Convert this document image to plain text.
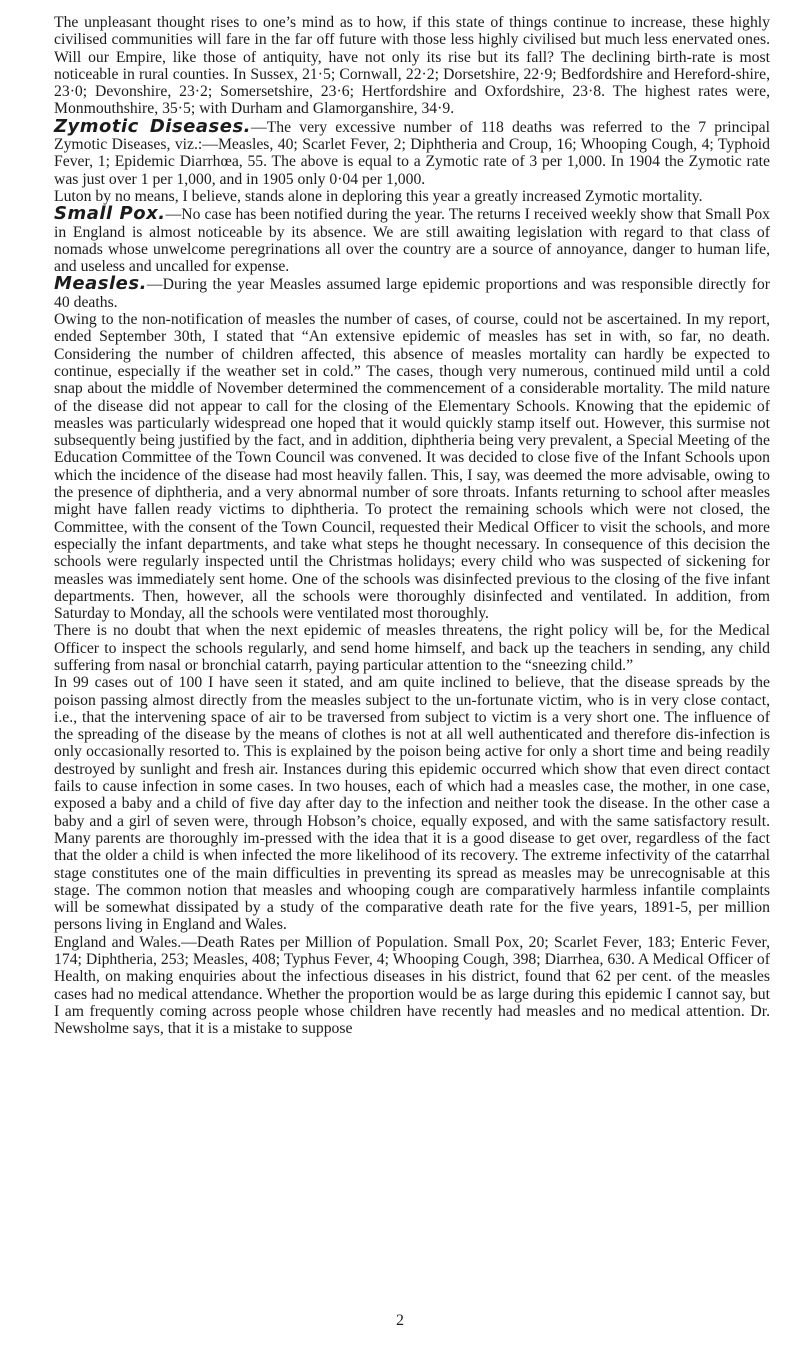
The unpleasant thought rises to one’s mind as to how, if this state of things continue to increase, these highly civilised communities will fare in the far off future with those less highly civilised but much less enervated ones. Will our Empire, like those of antiquity, have not only its rise but its fall? The declining birth-rate is most noticeable in rural counties. In Sussex, 21·5; Cornwall, 22·2; Dorsetshire, 22·9; Bedfordshire and Hereford-shire, 23·0; Devonshire, 23·2; Somersetshire, 23·6; Hertfordshire and Oxfordshire, 23·8. The highest rates were, Monmouthshire, 35·5; with Durham and Glamorganshire, 34·9.

Zymotic Diseases.—The very excessive number of 118 deaths was referred to the 7 principal Zymotic Diseases, viz.:—Measles, 40; Scarlet Fever, 2; Diphtheria and Croup, 16; Whooping Cough, 4; Typhoid Fever, 1; Epidemic Diarrhœa, 55. The above is equal to a Zymotic rate of 3 per 1,000. In 1904 the Zymotic rate was just over 1 per 1,000, and in 1905 only 0·04 per 1,000.

Luton by no means, I believe, stands alone in deploring this year a greatly increased Zymotic mortality.

Small Pox.—No case has been notified during the year. The returns I received weekly show that Small Pox in England is almost noticeable by its absence. We are still awaiting legislation with regard to that class of nomads whose unwelcome peregrinations all over the country are a source of annoyance, danger to human life, and useless and uncalled for expense.

Measles.—During the year Measles assumed large epidemic proportions and was responsible directly for 40 deaths.

Owing to the non-notification of measles the number of cases, of course, could not be ascertained. In my report, ended September 30th, I stated that “An extensive epidemic of measles has set in with, so far, no death. Considering the number of children affected, this absence of measles mortality can hardly be expected to continue, especially if the weather set in cold.” The cases, though very numerous, continued mild until a cold snap about the middle of November determined the commencement of a considerable mortality. The mild nature of the disease did not appear to call for the closing of the Elementary Schools. Knowing that the epidemic of measles was particularly widespread one hoped that it would quickly stamp itself out. However, this surmise not subsequently being justified by the fact, and in addition, diphtheria being very prevalent, a Special Meeting of the Education Committee of the Town Council was convened. It was decided to close five of the Infant Schools upon which the incidence of the disease had most heavily fallen. This, I say, was deemed the more advisable, owing to the presence of diphtheria, and a very abnormal number of sore throats. Infants returning to school after measles might have fallen ready victims to diphtheria. To protect the remaining schools which were not closed, the Committee, with the consent of the Town Council, requested their Medical Officer to visit the schools, and more especially the infant departments, and take what steps he thought necessary. In consequence of this decision the schools were regularly inspected until the Christmas holidays; every child who was suspected of sickening for measles was immediately sent home. One of the schools was disinfected previous to the closing of the five infant departments. Then, however, all the schools were thoroughly disinfected and ventilated. In addition, from Saturday to Monday, all the schools were ventilated most thoroughly.

There is no doubt that when the next epidemic of measles threatens, the right policy will be, for the Medical Officer to inspect the schools regularly, and send home himself, and back up the teachers in sending, any child suffering from nasal or bronchial catarrh, paying particular attention to the “sneezing child.”

In 99 cases out of 100 I have seen it stated, and am quite inclined to believe, that the disease spreads by the poison passing almost directly from the measles subject to the un-fortunate victim, who is in very close contact, i.e., that the intervening space of air to be traversed from subject to victim is a very short one. The influence of the spreading of the disease by the means of clothes is not at all well authenticated and therefore dis-infection is only occasionally resorted to. This is explained by the poison being active for only a short time and being readily destroyed by sunlight and fresh air. Instances during this epidemic occurred which show that even direct contact fails to cause infection in some cases. In two houses, each of which had a measles case, the mother, in one case, exposed a baby and a child of five day after day to the infection and neither took the disease. In the other case a baby and a girl of seven were, through Hobson’s choice, equally exposed, and with the same satisfactory result. Many parents are thoroughly im-pressed with the idea that it is a good disease to get over, regardless of the fact that the older a child is when infected the more likelihood of its recovery. The extreme infectivity of the catarrhal stage constitutes one of the main difficulties in preventing its spread as measles may be unrecognisable at this stage. The common notion that measles and whooping cough are comparatively harmless infantile complaints will be somewhat dissipated by a study of the comparative death rate for the five years, 1891-5, per million persons living in England and Wales.

England and Wales.—Death Rates per Million of Population. Small Pox, 20; Scarlet Fever, 183; Enteric Fever, 174; Diphtheria, 253; Measles, 408; Typhus Fever, 4; Whooping Cough, 398; Diarrhea, 630. A Medical Officer of Health, on making enquiries about the infectious diseases in his district, found that 62 per cent. of the measles cases had no medical attendance. Whether the proportion would be as large during this epidemic I cannot say, but I am frequently coming across people whose children have recently had measles and no medical attention. Dr. Newsholme says, that it is a mistake to suppose

2
